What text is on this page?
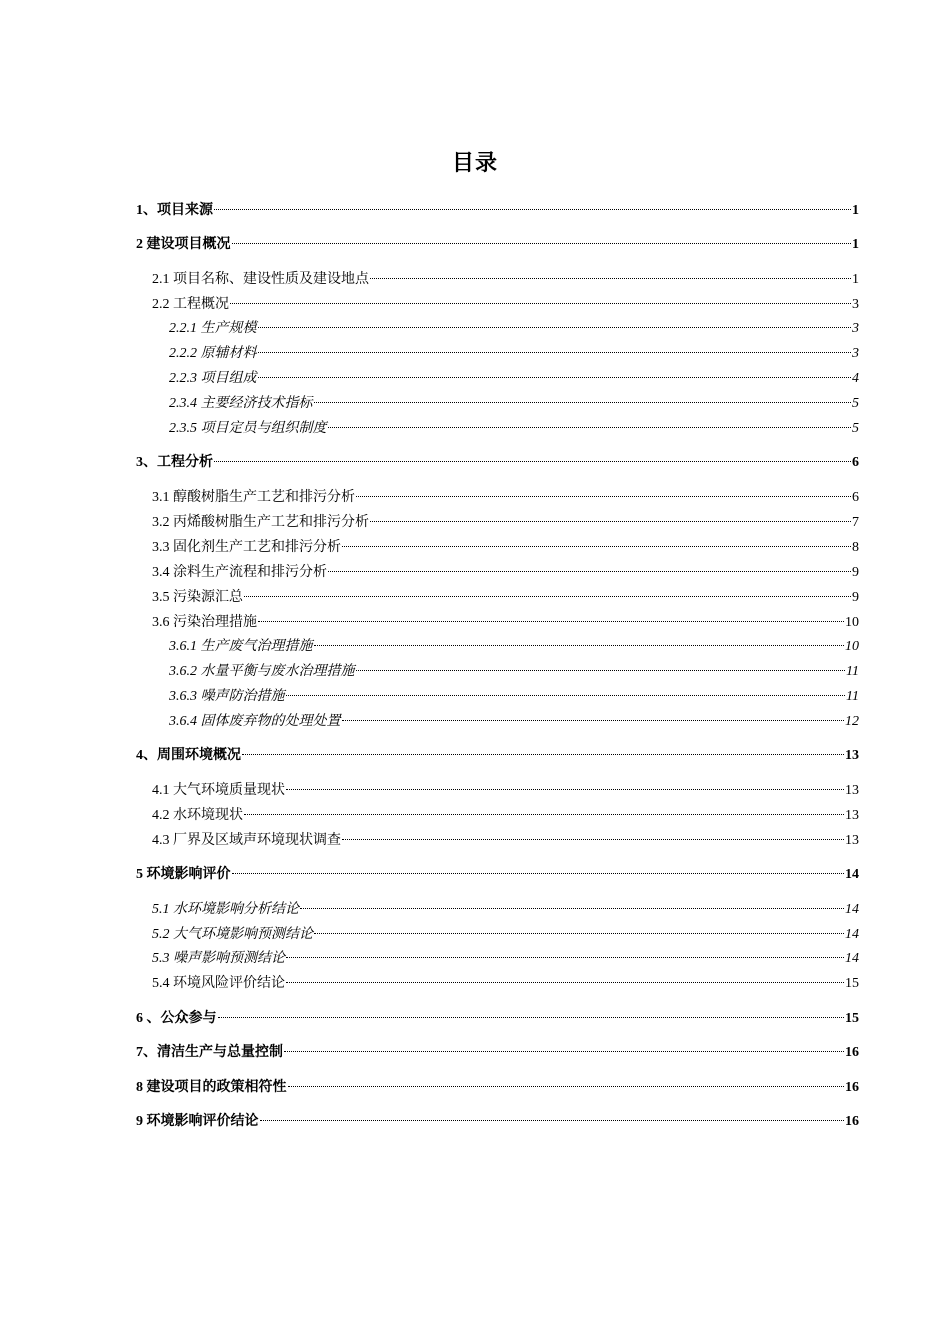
目录
1、项目来源	1
2 建设项目概况	1
2.1 项目名称、建设性质及建设地点	1
2.2 工程概况	3
2.2.1 生产规模	3
2.2.2 原辅材料	3
2.2.3 项目组成	4
2.3.4 主要经济技术指标	5
2.3.5 项目定员与组织制度	5
3、工程分析	6
3.1 醇酸树脂生产工艺和排污分析	6
3.2 丙烯酸树脂生产工艺和排污分析	7
3.3 固化剂生产工艺和排污分析	8
3.4 涂料生产流程和排污分析	9
3.5 污染源汇总	9
3.6 污染治理措施	10
3.6.1 生产废气治理措施	10
3.6.2 水量平衡与废水治理措施	11
3.6.3 噪声防治措施	11
3.6.4 固体废弃物的处理处置	12
4、周围环境概况	13
4.1 大气环境质量现状	13
4.2 水环境现状	13
4.3 厂界及区域声环境现状调查	13
5 环境影响评价	14
5.1 水环境影响分析结论	14
5.2 大气环境影响预测结论	14
5.3 噪声影响预测结论	14
5.4 环境风险评价结论	15
6 、公众参与	15
7、清洁生产与总量控制	16
8 建设项目的政策相符性	16
9 环境影响评价结论	16
